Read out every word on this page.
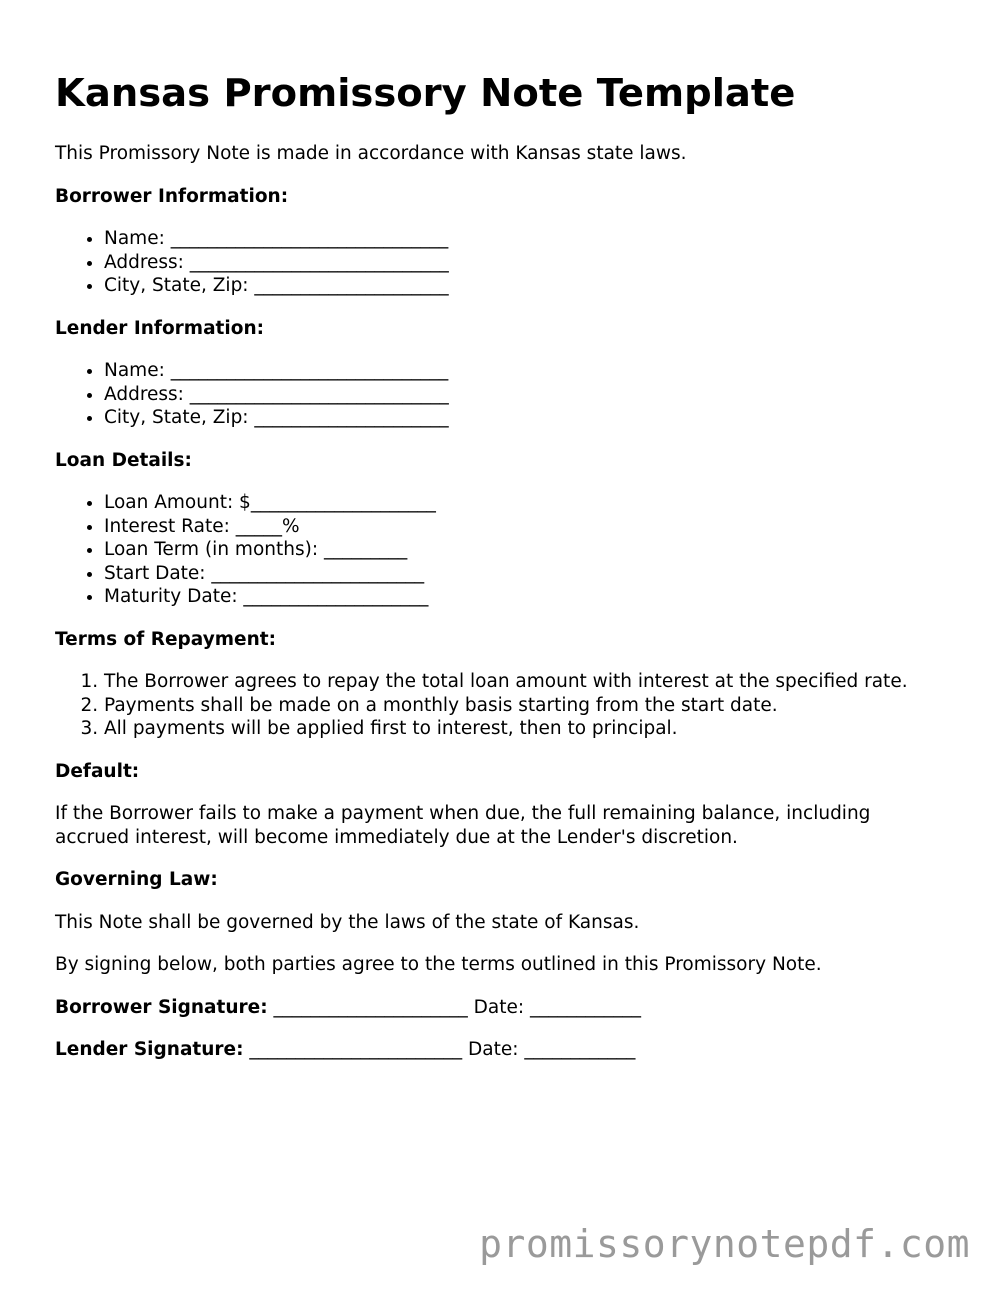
Kansas Promissory Note Template

This Promissory Note is made in accordance with Kansas state laws.

Borrower Information:

• Name: ______________________________
• Address: ____________________________
• City, State, Zip: _____________________

Lender Information:

• Name: ______________________________
• Address: ____________________________
• City, State, Zip: _____________________

Loan Details:

• Loan Amount: $____________________
• Interest Rate: _____%
• Loan Term (in months): _________
• Start Date: _______________________
• Maturity Date: ____________________

Terms of Repayment:

1. The Borrower agrees to repay the total loan amount with interest at the specified rate.
2. Payments shall be made on a monthly basis starting from the start date.
3. All payments will be applied first to interest, then to principal.

Default:

If the Borrower fails to make a payment when due, the full remaining balance, including accrued interest, will become immediately due at the Lender's discretion.

Governing Law:

This Note shall be governed by the laws of the state of Kansas.

By signing below, both parties agree to the terms outlined in this Promissory Note.

Borrower Signature: _____________________ Date: ____________

Lender Signature: _______________________ Date: ____________

promissorynotepdf.com
